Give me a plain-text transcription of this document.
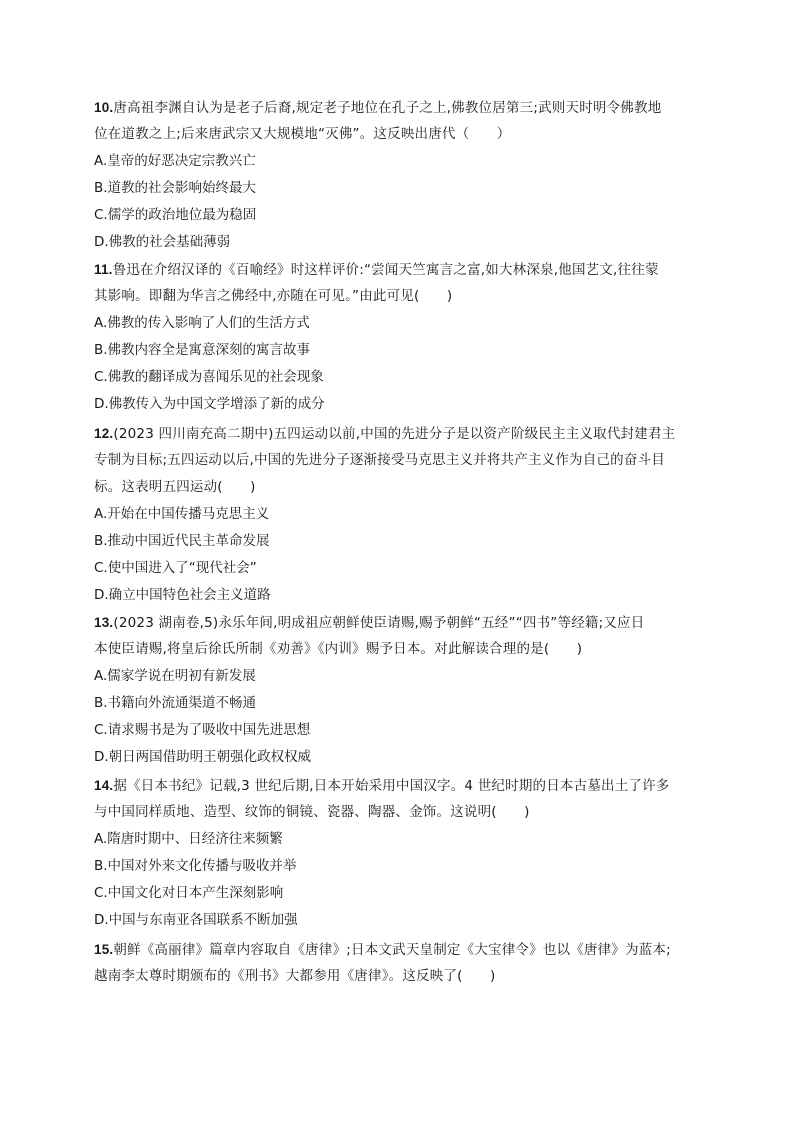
10.唐高祖李渊自认为是老子后裔,规定老子地位在孔子之上,佛教位居第三;武则天时明令佛教地
位在道教之上;后来唐武宗又大规模地“灭佛”。这反映出唐代（　　）
A.皇帝的好恶决定宗教兴亡
B.道教的社会影响始终最大
C.儒学的政治地位最为稳固
D.佛教的社会基础薄弱
11.鲁迅在介绍汉译的《百喻经》时这样评价:“尝闻天竺寓言之富,如大林深泉,他国艺文,往往蒙
其影响。即翻为华言之佛经中,亦随在可见。”由此可见(　　)
A.佛教的传入影响了人们的生活方式
B.佛教内容全是寓意深刻的寓言故事
C.佛教的翻译成为喜闻乐见的社会现象
D.佛教传入为中国文学增添了新的成分
12.(2023 四川南充高二期中)五四运动以前,中国的先进分子是以资产阶级民主主义取代封建君主
专制为目标;五四运动以后,中国的先进分子逐渐接受马克思主义并将共产主义作为自己的奋斗目
标。这表明五四运动(　　)
A.开始在中国传播马克思主义
B.推动中国近代民主革命发展
C.使中国进入了“现代社会”
D.确立中国特色社会主义道路
13.(2023 湖南卷,5)永乐年间,明成祖应朝鲜使臣请赐,赐予朝鲜“五经”“四书”等经籍;又应日
本使臣请赐,将皇后徐氏所制《劝善》《内训》赐予日本。对此解读合理的是(　　)
A.儒家学说在明初有新发展
B.书籍向外流通渠道不畅通
C.请求赐书是为了吸收中国先进思想
D.朝日两国借助明王朝强化政权权威
14.据《日本书纪》记载,3 世纪后期,日本开始采用中国汉字。4 世纪时期的日本古墓出土了许多
与中国同样质地、造型、纹饰的铜镜、瓷器、陶器、金饰。这说明(　　)
A.隋唐时期中、日经济往来频繁
B.中国对外来文化传播与吸收并举
C.中国文化对日本产生深刻影响
D.中国与东南亚各国联系不断加强
15.朝鲜《高丽律》篇章内容取自《唐律》;日本文武天皇制定《大宝律令》也以《唐律》为蓝本;
越南李太尊时期颁布的《刑书》大都参用《唐律》。这反映了(　　)
